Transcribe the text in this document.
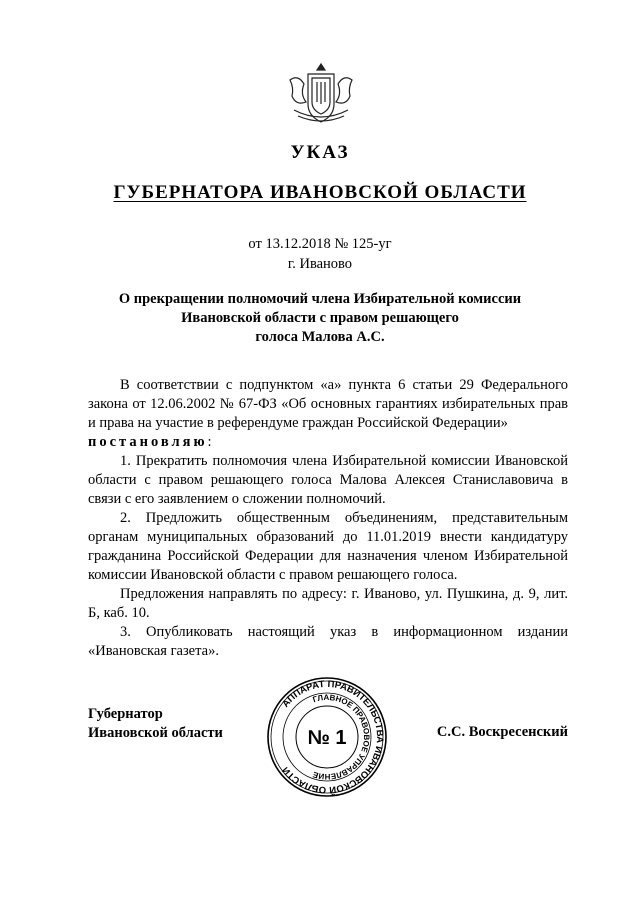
УКАЗ
ГУБЕРНАТОРА ИВАНОВСКОЙ ОБЛАСТИ
от 13.12.2018 № 125-уг
г. Иваново
О прекращении полномочий члена Избирательной комиссии
Ивановской области с правом решающего
голоса Малова А.С.

В соответствии с подпунктом «а» пункта 6 статьи 29 Федерального закона от 12.06.2002 № 67-ФЗ «Об основных гарантиях избирательных прав и права на участие в референдуме граждан Российской Федерации»

постановляю:

1. Прекратить полномочия члена Избирательной комиссии Ивановской области с правом решающего голоса Малова Алексея Станиславовича в связи с его заявлением о сложении полномочий.

2. Предложить общественным объединениям, представительным органам муниципальных образований до 11.01.2019 внести кандидатуру гражданина Российской Федерации для назначения членом Избирательной комиссии Ивановской области с правом решающего голоса.

Предложения направлять по адресу: г. Иваново, ул. Пушкина, д. 9, лит. Б, каб. 10.

3. Опубликовать настоящий указ в информационном издании «Ивановская газета».

Губернатор
Ивановской области
АППАРАТ ПРАВИТЕЛЬСТВА ИВАНОВСКОЙ ОБЛАСТИ
ГЛАВНОЕ ПРАВОВОЕ УПРАВЛЕНИЕ
№ 1	С.С. Воскресенский
